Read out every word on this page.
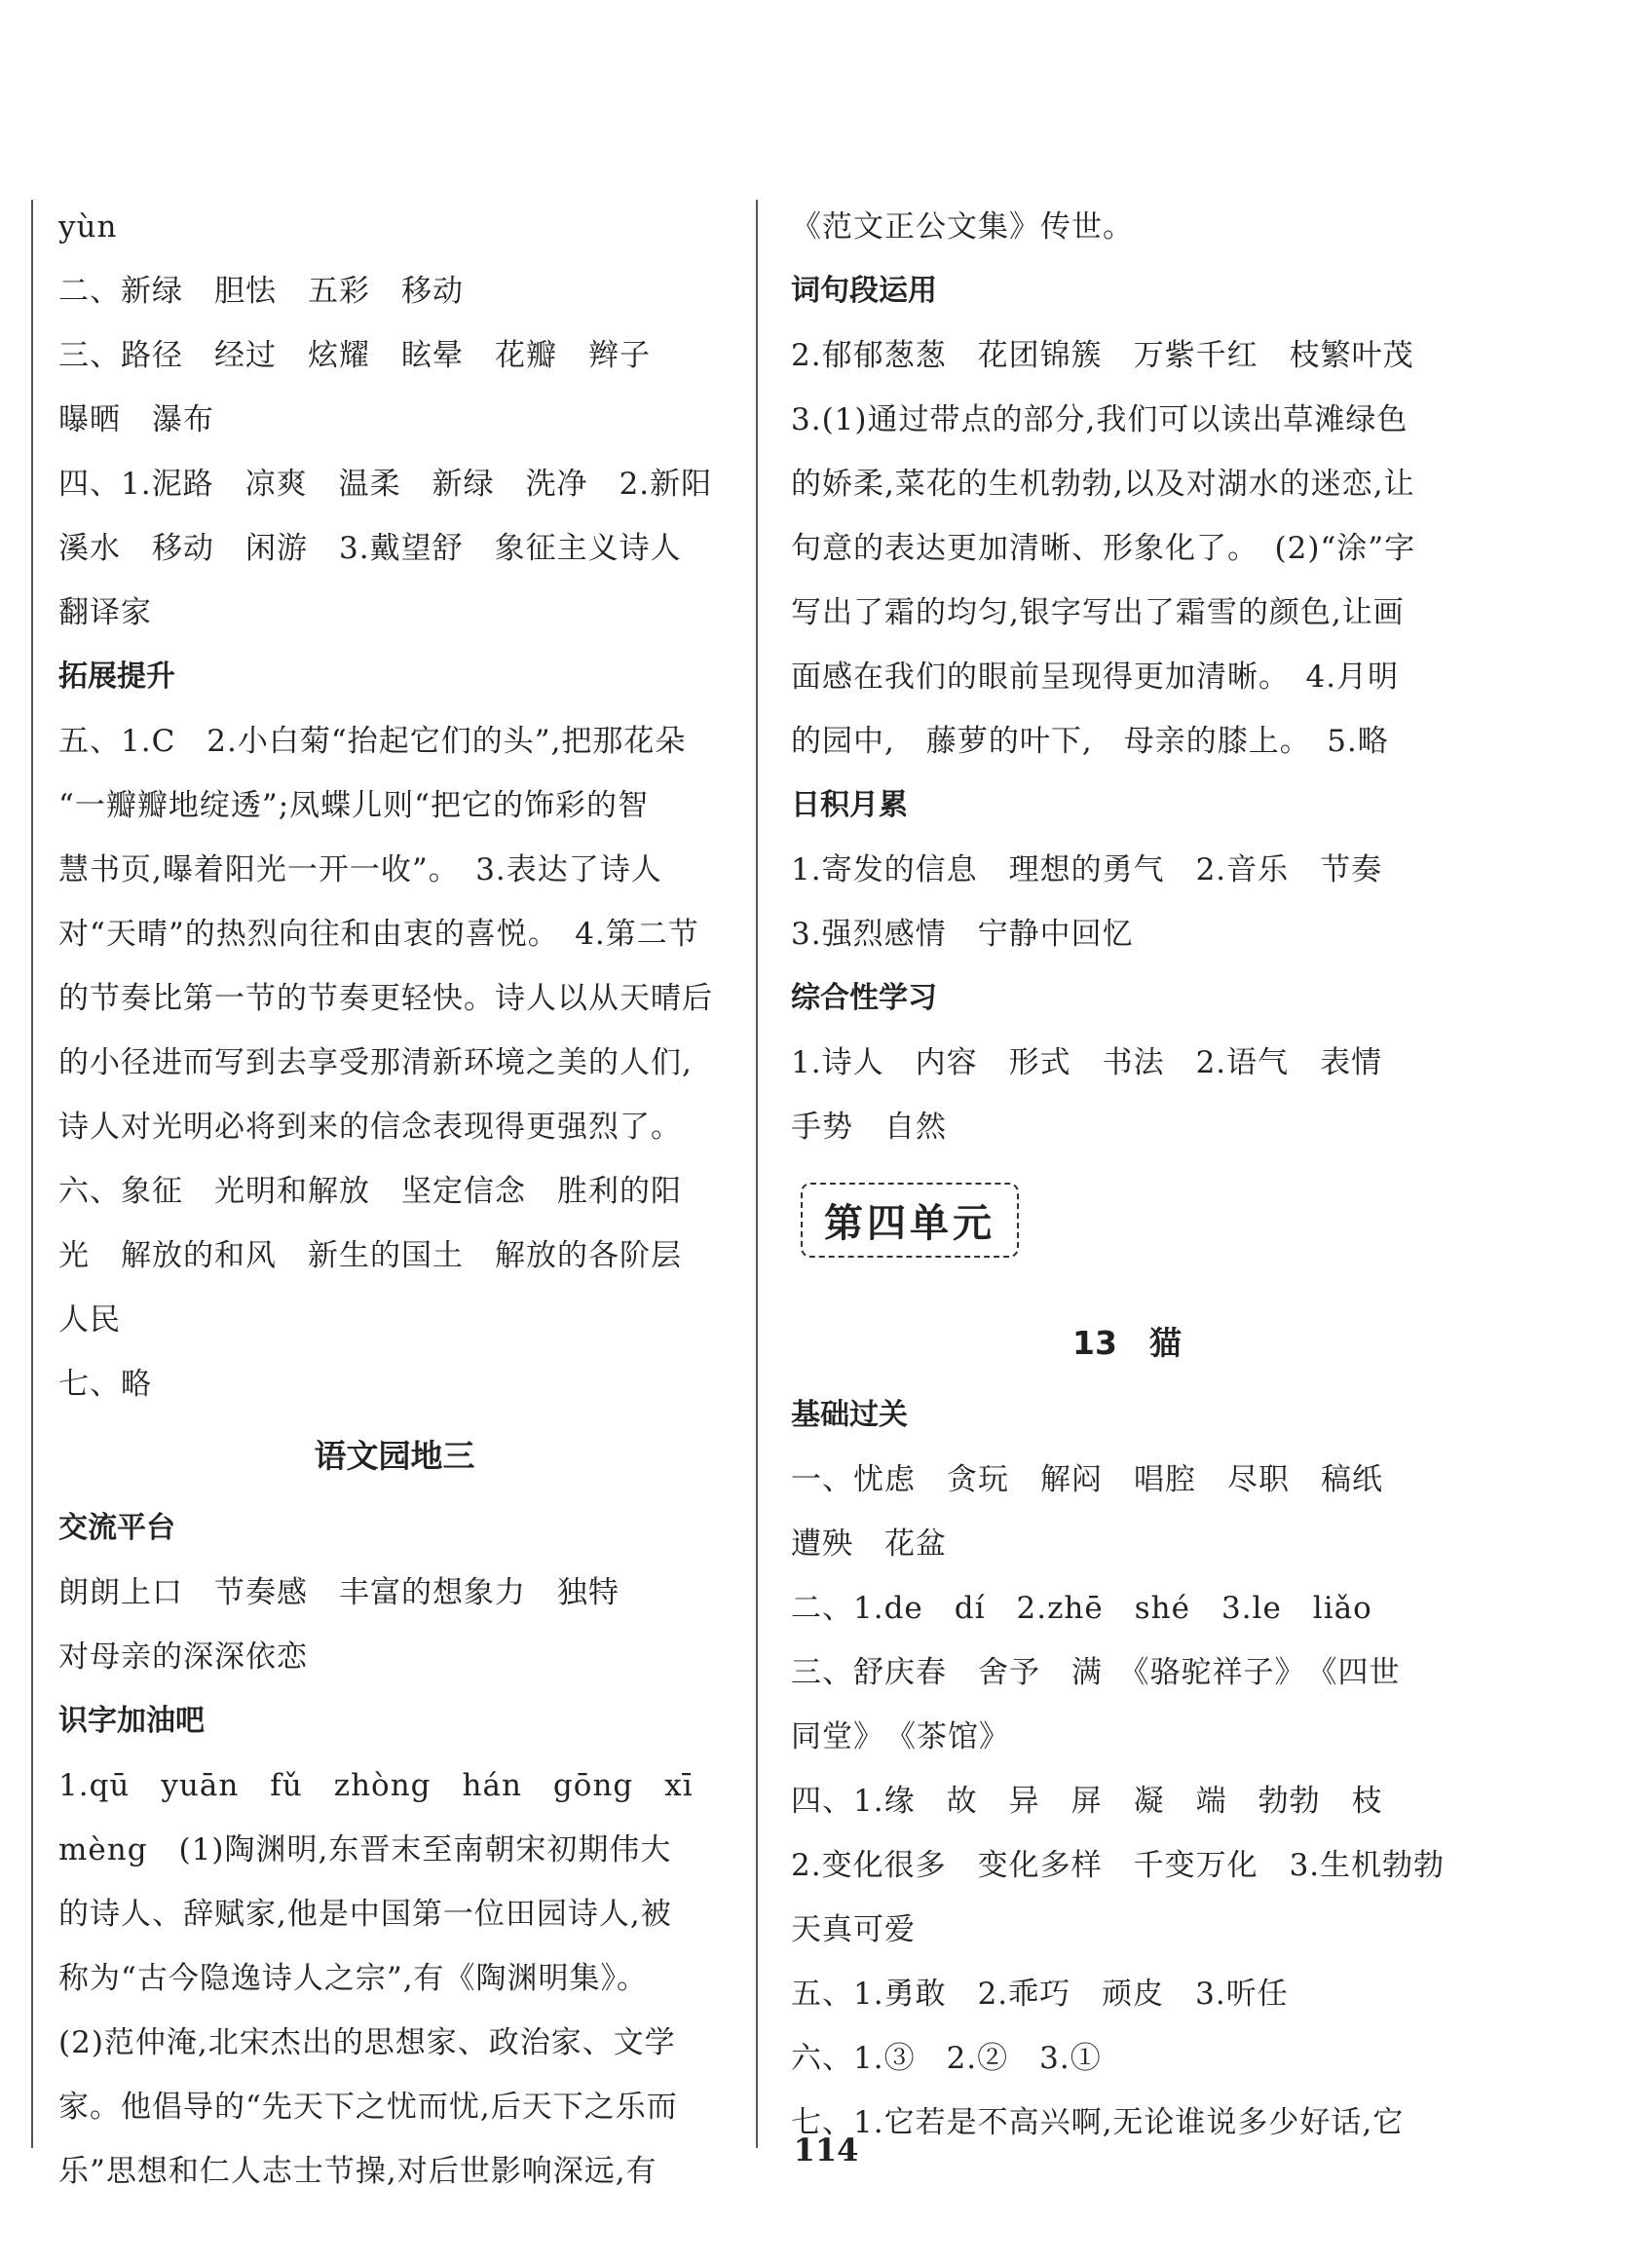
yùn
二、新绿　胆怯　五彩　移动
三、路径　经过　炫耀　眩晕　花瓣　辫子
曝晒　瀑布
四、1.泥路　凉爽　温柔　新绿　洗净　2.新阳
溪水　移动　闲游　3.戴望舒　象征主义诗人
翻译家
拓展提升
五、1.C　2.小白菊“抬起它们的头”,把那花朵
“一瓣瓣地绽透”;凤蝶儿则“把它的饰彩的智
慧书页,曝着阳光一开一收”。　3.表达了诗人
对“天晴”的热烈向往和由衷的喜悦。　4.第二节
的节奏比第一节的节奏更轻快。诗人以从天晴后
的小径进而写到去享受那清新环境之美的人们,
诗人对光明必将到来的信念表现得更强烈了。
六、象征　光明和解放　坚定信念　胜利的阳
光　解放的和风　新生的国土　解放的各阶层
人民
七、略
语文园地三
交流平台
朗朗上口　节奏感　丰富的想象力　独特
对母亲的深深依恋
识字加油吧
1.qū　yuān　fǔ　zhòng　hán　gōng　xī
mèng　(1)陶渊明,东晋末至南朝宋初期伟大
的诗人、辞赋家,他是中国第一位田园诗人,被
称为“古今隐逸诗人之宗”,有《陶渊明集》。
(2)范仲淹,北宋杰出的思想家、政治家、文学
家。他倡导的“先天下之忧而忧,后天下之乐而
乐”思想和仁人志士节操,对后世影响深远,有
《范文正公文集》传世。
词句段运用
2.郁郁葱葱　花团锦簇　万紫千红　枝繁叶茂
3.(1)通过带点的部分,我们可以读出草滩绿色
的娇柔,菜花的生机勃勃,以及对湖水的迷恋,让
句意的表达更加清晰、形象化了。　(2)“涂”字
写出了霜的均匀,银字写出了霜雪的颜色,让画
面感在我们的眼前呈现得更加清晰。　4.月明
的园中,　藤萝的叶下,　母亲的膝上。　5.略
日积月累
1.寄发的信息　理想的勇气　2.音乐　节奏
3.强烈感情　宁静中回忆
综合性学习
1.诗人　内容　形式　书法　2.语气　表情
手势　自然
第四单元
13　猫
基础过关
一、忧虑　贪玩　解闷　唱腔　尽职　稿纸
遭殃　花盆
二、1.de　dí　2.zhē　shé　3.le　liǎo
三、舒庆春　舍予　满　《骆驼祥子》　《四世
同堂》　《茶馆》
四、1.缘　故　异　屏　凝　端　勃勃　枝
2.变化很多　变化多样　千变万化　3.生机勃勃
天真可爱
五、1.勇敢　2.乖巧　顽皮　3.听任
六、1.③　2.②　3.①
七、1.它若是不高兴啊,无论谁说多少好话,它
114
